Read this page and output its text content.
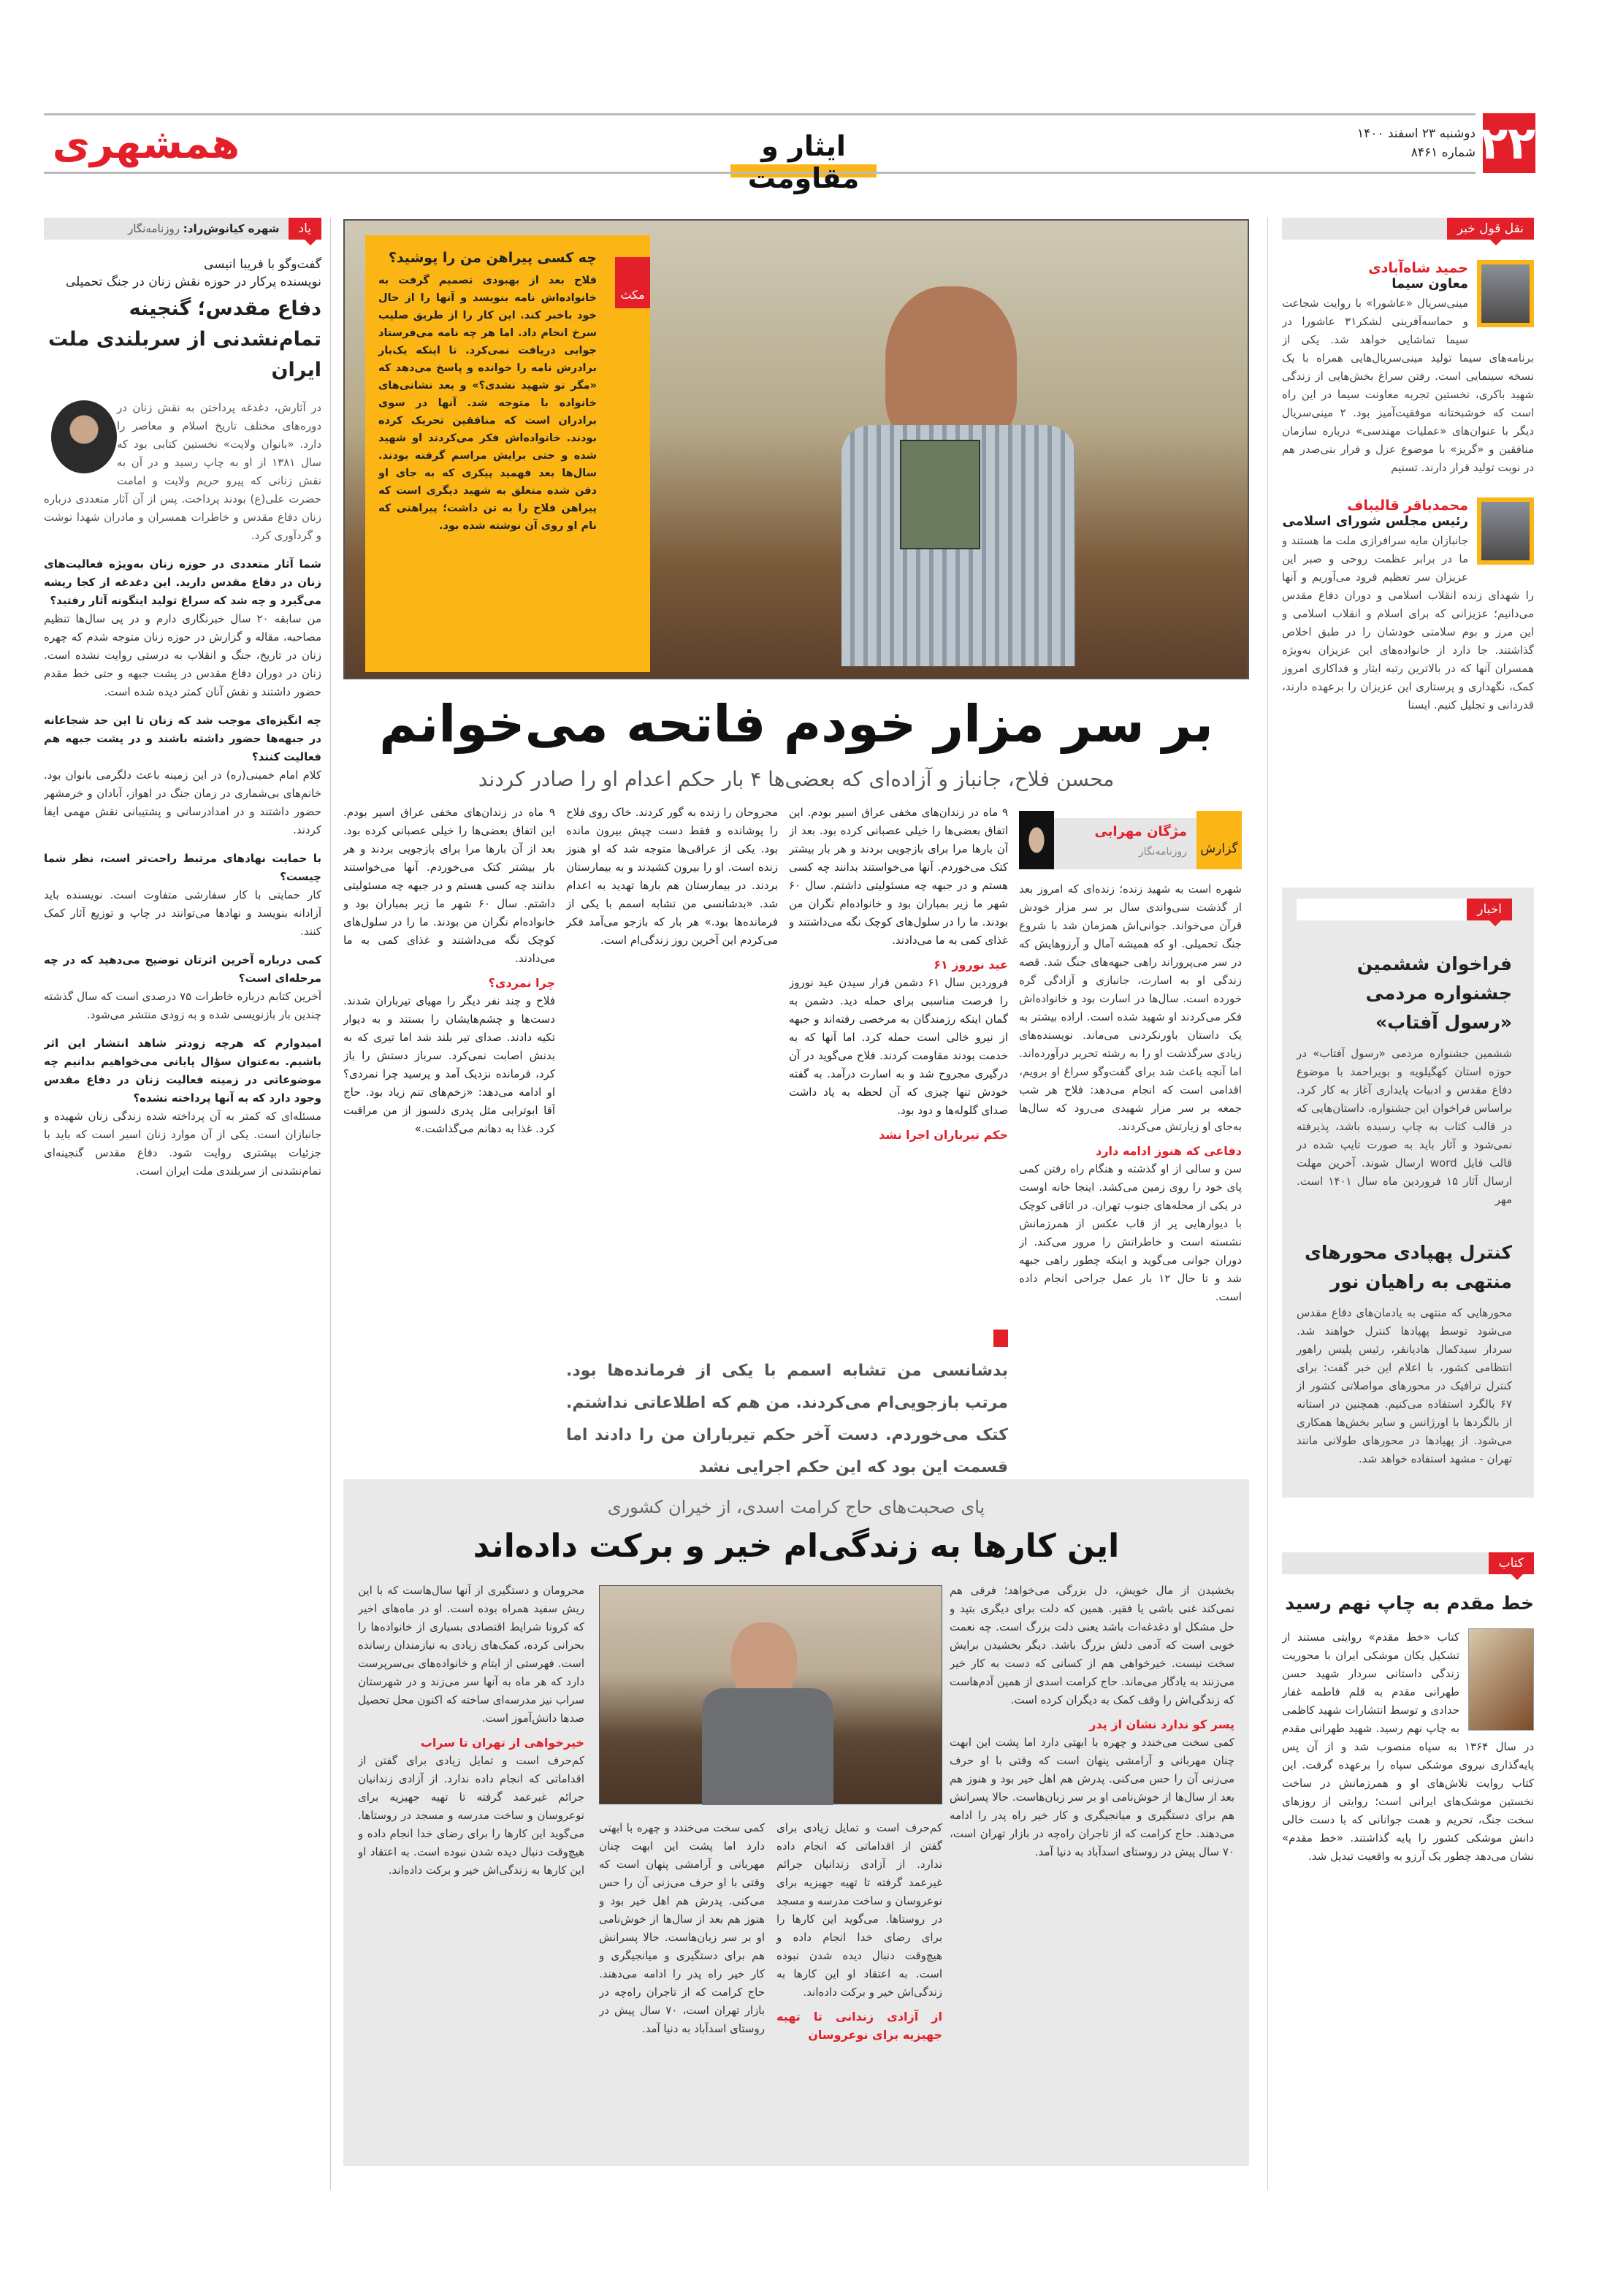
۲۲
دوشنبه ۲۳ اسفند ۱۴۰۰
شماره ۸۴۶۱
ایثار و مقاومت
همشهری
نقل قول خبر
حمید شاه‌آبادی
معاون سیما
مینی‌سریال «عاشورا» با روایت شجاعت و حماسه‌آفرینی لشکر۳۱ عاشورا در سیما تماشایی خواهد شد. یکی از برنامه‌های سیما تولید مینی‌سریال‌هایی همراه با یک نسخه سینمایی است. رفتن سراغ بخش‌هایی از زندگی شهید باکری، نخستین تجربه معاونت سیما در این راه است که خوشبختانه موفقیت‌آمیز بود. ۲ مینی‌سریال دیگر با عنوان‌های «عملیات مهندسی» درباره سازمان منافقین و «گریز» با موضوع عزل و فرار بنی‌صدر هم در نوبت تولید قرار دارند. تسنیم
محمدباقر قالیباف
رئیس مجلس شورای اسلامی
جانبازان مایه سرافرازی ملت ما هستند و ما در برابر عظمت روحی و صبر این عزیزان سر تعظیم فرود می‌آوریم و آنها را شهدای زنده انقلاب اسلامی و دوران دفاع مقدس می‌دانیم؛ عزیزانی که برای اسلام و انقلاب اسلامی و این مرز و بوم سلامتی خودشان را در طبق اخلاص گذاشتند. جا دارد از خانواده‌های این عزیزان به‌ویژه همسران آنها که در بالاترین رتبه ایثار و فداکاری امروز کمک، نگهداری و پرستاری این عزیزان را برعهده دارند، قدردانی و تجلیل کنیم. ایسنا
اخبار
فراخوان ششمین جشنواره مردمی «رسول آفتاب»
ششمین جشنواره مردمی «رسول آفتاب» در حوزه استان کهگیلویه و بویراحمد با موضوع دفاع مقدس و ادبیات پایداری آغاز به کار کرد. براساس فراخوان این جشنواره، داستان‌هایی که در قالب کتاب به چاپ رسیده باشد، پذیرفته نمی‌شود و آثار باید به صورت تایپ شده در قالب فایل word ارسال شوند. آخرین مهلت ارسال آثار ۱۵ فروردین ماه سال ۱۴۰۱ است. مهر
کنترل پهپادی محورهای منتهی به راهیان نور
محورهایی که منتهی به یادمان‌های دفاع مقدس می‌شود توسط پهپادها کنترل خواهند شد. سردار سیدکمال هادیانفر، رئیس پلیس راهور انتظامی کشور، با اعلام این خبر گفت: برای کنترل ترافیک در محورهای مواصلاتی کشور از ۶۷ بالگرد استفاده می‌کنیم. همچنین در استانه از بالگردها با اورژانس و سایر بخش‌ها همکاری می‌شود. از پهپادها در محورهای طولانی مانند تهران - مشهد استفاده خواهد شد.
کتاب
خط مقدم به چاپ نهم رسید
کتاب «خط مقدم» روایتی مستند از تشکیل یکان موشکی ایران با محوریت زندگی داستانی سردار شهید حسن طهرانی مقدم به قلم فاطمه غفار حدادی و توسط انتشارات شهید کاظمی به چاپ نهم رسید. شهید طهرانی مقدم در سال ۱۳۶۴ به سپاه منصوب شد و از آن پس پایه‌گذاری نیروی موشکی سپاه را برعهده گرفت. این کتاب روایت تلاش‌های او و همرزمانش در ساخت نخستین موشک‌های ایرانی است؛ روایتی از روزهای سخت جنگ، تحریم و همت جوانانی که با دست خالی دانش موشکی کشور را پایه گذاشتند. «خط مقدم» نشان می‌دهد چطور یک آرزو به واقعیت تبدیل شد.
یاد
شهره کیانوش‌راد: روزنامه‌نگار
گفت‌وگو با فریبا انیسی
نویسنده پرکار در حوزه نقش زنان در جنگ تحمیلی
دفاع مقدس؛ گنجینه تمام‌نشدنی از سربلندی ملت ایران
در آثارش، دغدغه پرداختن به نقش زنان در دوره‌های مختلف تاریخ اسلام و معاصر را دارد. «بانوان ولایت» نخستین کتابی بود که سال ۱۳۸۱ از او به چاپ رسید و در آن به نقش زنانی که پیرو حریم ولایت و امامت حضرت علی(ع) بودند پرداخت. پس از آن آثار متعددی درباره زنان دفاع مقدس و خاطرات همسران و مادران شهدا نوشت و گردآوری کرد.
شما آثار متعددی در حوزه زنان به‌ویژه فعالیت‌های زنان در دفاع مقدس دارید. این دغدغه از کجا ریشه می‌گیرد و چه شد که سراغ تولید اینگونه آثار رفتید؟
من سابقه ۲۰ سال خبرنگاری دارم و در پی سال‌ها تنظیم مصاحبه، مقاله و گزارش در حوزه زنان متوجه شدم که چهره زنان در تاریخ، جنگ و انقلاب به درستی روایت نشده است. زنان در دوران دفاع مقدس در پشت جبهه و حتی خط مقدم حضور داشتند و نقش آنان کمتر دیده شده است.
چه انگیزه‌ای موجب شد که زنان تا این حد شجاعانه در جبهه‌ها حضور داشته باشند و در پشت جبهه هم فعالیت کنند؟
کلام امام خمینی(ره) در این زمینه باعث دلگرمی بانوان بود. خانم‌های بی‌شماری در زمان جنگ در اهواز، آبادان و خرمشهر حضور داشتند و در امدادرسانی و پشتیبانی نقش مهمی ایفا کردند.
با حمایت نهادهای مرتبط راحت‌تر است، نظر شما چیست؟
کار حمایتی با کار سفارشی متفاوت است. نویسنده باید آزادانه بنویسد و نهادها می‌توانند در چاپ و توزیع آثار کمک کنند.
کمی درباره آخرین اثرتان توضیح می‌دهید که در چه مرحله‌ای است؟
آخرین کتابم درباره خاطرات ۷۵ درصدی است که سال گذشته چندین بار بازنویسی شده و به زودی منتشر می‌شود.
امیدوارم که هرچه زودتر شاهد انتشار این اثر باشیم. به‌عنوان سؤال پایانی می‌خواهیم بدانیم چه موضوعاتی در زمینه فعالیت زنان در دفاع مقدس وجود دارد که به آنها پرداخته نشده؟
مسئله‌ای که کمتر به آن پرداخته شده زندگی زنان شهیده و جانبازان است. یکی از آن موارد زنان اسیر است که باید با جزئیات بیشتری روایت شود. دفاع مقدس گنجینه‌ای تمام‌نشدنی از سربلندی ملت ایران است.
مکث
چه کسی پیراهن من را پوشید؟
فلاح بعد از بهبودی تصمیم گرفت به خانواده‌اش نامه بنویسد و آنها را از حال خود باخبر کند. این کار را از طریق صلیب سرخ انجام داد. اما هر چه نامه می‌فرستاد جوابی دریافت نمی‌کرد. تا اینکه یک‌بار برادرش نامه را خوانده و پاسخ می‌دهد که «مگر تو شهید نشدی؟» و بعد نشانی‌های خانواده با متوجه شد. آنها در سوی برادران است که منافقین تحریک کرده بودند. خانواده‌اش فکر می‌کردند او شهید شده و حتی برایش مراسم گرفته بودند. سال‌ها بعد فهمید پیکری که به جای او دفن شده متعلق به شهید دیگری است که پیراهن فلاح را به تن داشت؛ پیراهنی که نام او روی آن نوشته شده بود.
بر سر مزار خودم فاتحه می‌خوانم
محسن فلاح، جانباز و آزاده‌ای که بعضی‌ها ۴ بار حکم اعدام او را صادر کردند
گزارش
مژگان مهرابی
روزنامه‌نگار

شهره است به شهید زنده؛ زنده‌ای که امروز بعد از گذشت سی‌واندی سال بر سر مزار خودش قرآن می‌خواند. جوانی‌اش همزمان شد با شروع جنگ تحمیلی. او که همیشه آمال و آرزوهایش که در سر می‌پروراند راهی جبهه‌های جنگ شد. قصه زندگی او به اسارت، جانبازی و آزادگی گره خورده است. سال‌ها در اسارت بود و خانواده‌اش فکر می‌کردند او شهید شده است. اراده بیشتر به یک داستان باورنکردنی می‌ماند. نویسنده‌های زیادی سرگذشت او را به رشته تحریر درآورده‌اند. اما آنچه باعث شد برای گفت‌وگو سراغ او برویم، اقدامی است که انجام می‌دهد: فلاح هر شب جمعه بر سر مزار شهیدی می‌رود که سال‌ها به‌جای او زیارتش می‌کردند.

دفاعی که هنوز ادامه دارد

سن و سالی از او گذشته و هنگام راه رفتن کمی پای خود را روی زمین می‌کشد. اینجا خانه اوست در یکی از محله‌های جنوب تهران. در اتاقی کوچک با دیوارهایی پر از قاب عکس از همرزمانش نشسته است و خاطراتش را مرور می‌کند. از دوران جوانی می‌گوید و اینکه چطور راهی جبهه شد و تا حال ۱۲ بار عمل جراحی انجام داده است.

۹ ماه در زندان‌های مخفی عراق اسیر بودم. این اتفاق بعضی‌ها را خیلی عصبانی کرده بود. بعد از آن بارها مرا برای بازجویی بردند و هر بار بیشتر کتک می‌خوردم. آنها می‌خواستند بدانند چه کسی هستم و در جبهه چه مسئولیتی داشتم. سال ۶۰ شهر ما زیر بمباران بود و خانواده‌ام نگران من بودند. ما را در سلول‌های کوچک نگه می‌داشتند و غذای کمی به ما می‌دادند.

عید نوروز ۶۱

فروردین سال ۶۱ دشمن فرار سیدن عید نوروز را فرصت مناسبی برای حمله دید. دشمن به گمان اینکه رزمندگان به مرخصی رفته‌اند و جبهه از نیرو خالی است حمله کرد. اما آنها که به خدمت بودند مقاومت کردند. فلاح می‌گوید در آن درگیری مجروح شد و به اسارت درآمد. به گفته خودش تنها چیزی که آن لحظه به یاد داشت صدای گلوله‌ها و دود بود.

حکم تیرباران اجرا نشد

مجروحان را زنده به گور کردند. خاک روی فلاح را پوشانده و فقط دست چپش بیرون مانده بود. یکی از عراقی‌ها متوجه شد که او هنوز زنده است. او را بیرون کشیدند و به بیمارستان بردند. در بیمارستان هم بارها تهدید به اعدام شد. «بدشانسی من تشابه اسمم با یکی از فرمانده‌ها بود.» هر بار که بازجو می‌آمد فکر می‌کردم این آخرین روز زندگی‌ام است.

۹ ماه در زندان‌های مخفی عراق اسیر بودم. این اتفاق بعضی‌ها را خیلی عصبانی کرده بود. بعد از آن بارها مرا برای بازجویی بردند و هر بار بیشتر کتک می‌خوردم. آنها می‌خواستند بدانند چه کسی هستم و در جبهه چه مسئولیتی داشتم. سال ۶۰ شهر ما زیر بمباران بود و خانواده‌ام نگران من بودند. ما را در سلول‌های کوچک نگه می‌داشتند و غذای کمی به ما می‌دادند.

چرا نمردی؟

فلاح و چند نفر دیگر را مهیای تیرباران شدند. دست‌ها و چشم‌هایشان را بستند و به دیوار تکیه دادند. صدای تیر بلند شد اما تیری که به بدنش اصابت نمی‌کرد. سرباز دستش را باز کرد، فرمانده نزدیک آمد و پرسید چرا نمردی؟ او ادامه می‌دهد: «زخم‌های تنم زیاد بود. حاج آقا ابوترابی مثل پدری دلسوز از من مراقبت کرد. غذا به دهانم می‌گذاشت.»

بدشانسی من تشابه اسمم با یکی از فرمانده‌ها بود. مرتب بازجویی‌ام می‌کردند. من هم که اطلاعاتی نداشتم. کتک می‌خوردم. دست آخر حکم تیرباران من را دادند اما قسمت این بود که این حکم اجرایی نشد
پای صحبت‌های حاج کرامت اسدی، از خیران کشوری
این کارها به زندگی‌ام خیر و برکت داده‌اند

بخشیدن از مال خویش، دل بزرگی می‌خواهد؛ فرقی هم نمی‌کند غنی باشی یا فقیر. همین که دلت برای دیگری بتپد و حل مشکل او دغدغه‌ات باشد یعنی دلت بزرگ است. چه نعمت خوبی است که آدمی دلش بزرگ باشد. دیگر بخشیدن برایش سخت نیست. خیرخواهی هم از کسانی که دست به کار خیر می‌زنند به یادگار می‌ماند. حاج کرامت اسدی از همین آدم‌هاست که زندگی‌اش را وقف کمک به دیگران کرده است.

پسر کو ندارد نشان از پدر

کمی سخت می‌خندد و چهره با ابهتی دارد اما پشت این ابهت چنان مهربانی و آرامشی پنهان است که وقتی با او حرف می‌زنی آن را حس می‌کنی. پدرش هم اهل خیر بود و هنوز هم بعد از سال‌ها از خوش‌نامی او بر سر زبان‌هاست. حالا پسرانش هم برای دستگیری و میانجیگری و کار خیر راه پدر را ادامه می‌دهند. حاج کرامت که از تاجران راه‌چه در بازار تهران است، ۷۰ سال پیش در روستای اسد‌آباد به دنیا آمد.

کم‌حرف است و تمایل زیادی برای گفتن از اقداماتی که انجام داده ندارد. از آزادی زندانیان جرائم غیرعمد گرفته تا تهیه جهیزیه برای نوعروسان و ساخت مدرسه و مسجد در روستاها. می‌گوید این کارها را برای رضای خدا انجام داده و هیچ‌وقت دنبال دیده شدن نبوده است. به اعتقاد او این کارها به زندگی‌اش خیر و برکت داده‌اند.

از آزادی زندانی تا تهیه جهیزیه برای نوعروسان

کمی سخت می‌خندد و چهره با ابهتی دارد اما پشت این ابهت چنان مهربانی و آرامشی پنهان است که وقتی با او حرف می‌زنی آن را حس می‌کنی. پدرش هم اهل خیر بود و هنوز هم بعد از سال‌ها از خوش‌نامی او بر سر زبان‌هاست. حالا پسرانش هم برای دستگیری و میانجیگری و کار خیر راه پدر را ادامه می‌دهند. حاج کرامت که از تاجران راه‌چه در بازار تهران است، ۷۰ سال پیش در روستای اسد‌آباد به دنیا آمد.

محرومان و دستگیری از آنها سال‌هاست که با این ریش سفید همراه بوده است. او در ماه‌های اخیر که کرونا شرایط اقتصادی بسیاری از خانواده‌ها را بحرانی کرده، کمک‌های زیادی به نیازمندان رسانده است. فهرستی از ایتام و خانواده‌های بی‌سرپرست دارد که هر ماه به آنها سر می‌زند و در شهرستان سراب نیز مدرسه‌ای ساخته که اکنون محل تحصیل صدها دانش‌آموز است.

خیرخواهی از تهران تا سراب

کم‌حرف است و تمایل زیادی برای گفتن از اقداماتی که انجام داده ندارد. از آزادی زندانیان جرائم غیرعمد گرفته تا تهیه جهیزیه برای نوعروسان و ساخت مدرسه و مسجد در روستاها. می‌گوید این کارها را برای رضای خدا انجام داده و هیچ‌وقت دنبال دیده شدن نبوده است. به اعتقاد او این کارها به زندگی‌اش خیر و برکت داده‌اند.
